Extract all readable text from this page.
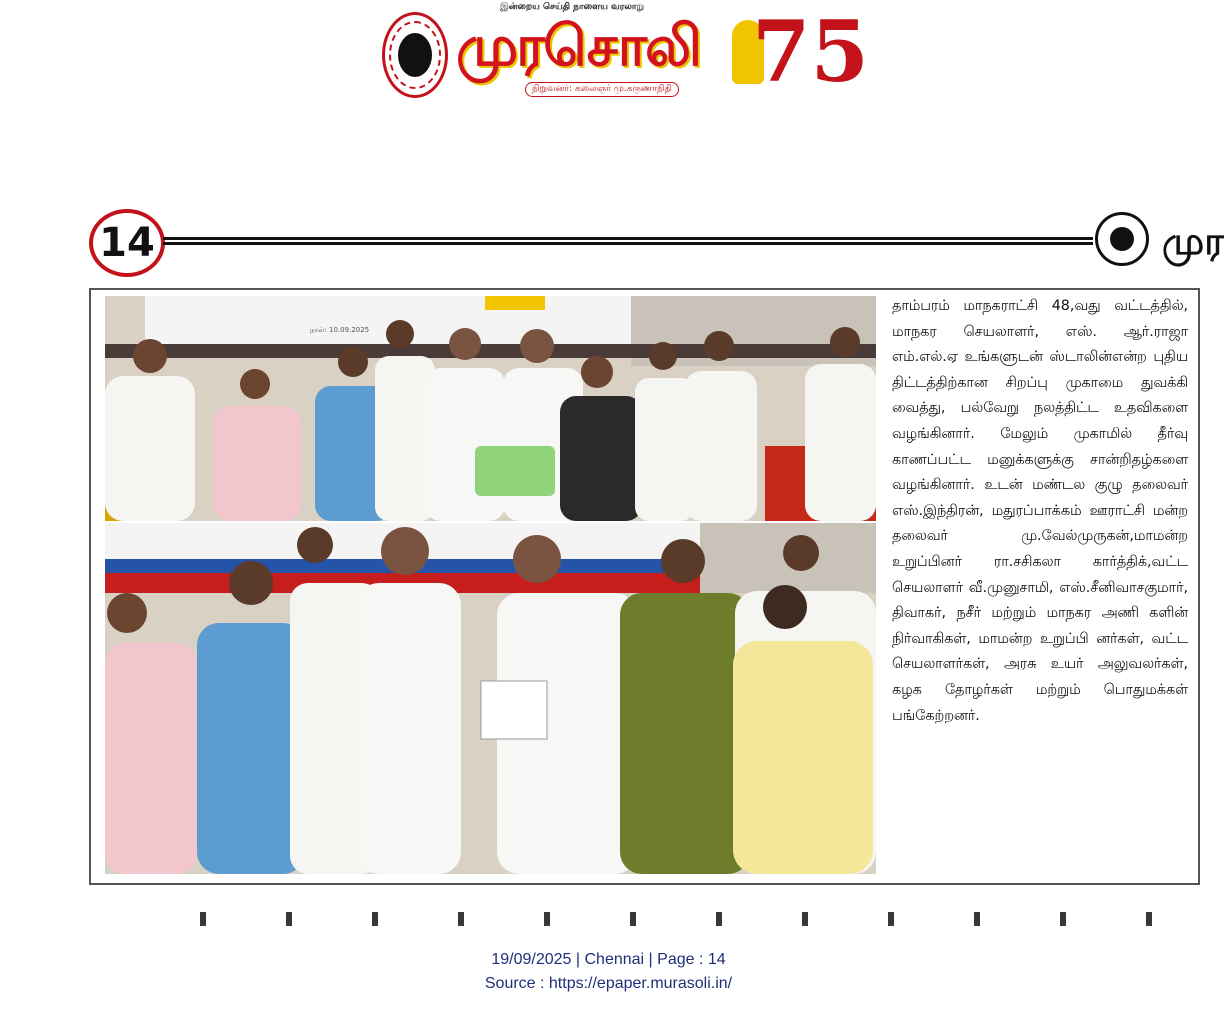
இன்றைய செய்தி நாளைய வரலாறு
முரசொலி
நிறுவனர்: கலைஞர் மு.கருணாநிதி 75
14	முர
நாள்: 10.09.2025

தாம்பரம் மாநகராட்சி 48,வது வட்டத்தில், மாநகர செயலாளர், எஸ். ஆர்.ராஜா எம்.எல்.ஏ உங்களுடன் ஸ்டாலின்என்ற புதிய திட்டத்திற்கான சிறப்பு முகாமை துவக்கி வைத்து, பல்வேறு நலத்திட்ட உதவிகளை வழங்கினார். மேலும் முகாமில் தீர்வு காணப்பட்ட மனுக்களுக்கு சான்றிதழ்களை வழங்கினார். உடன் மண்டல குழு தலைவர் எஸ்.இந்திரன், மதுரப்பாக்கம் ஊராட்சி மன்ற தலைவர் மு.வேல்முருகன்,மாமன்ற உறுப்பினர் ரா.சசிகலா கார்த்திக்,வட்ட செயலாளர் வீ.முனுசாமி, எஸ்.சீனிவாசகுமார், திவாகர், நசீர் மற்றும் மாநகர அணி களின் நிர்வாகிகள், மாமன்ற உறுப்பி னர்கள், வட்ட செயலாளர்கள், அரசு உயர் அலுவலர்கள், கழக தோழர்கள் மற்றும் பொதுமக்கள் பங்கேற்றனர்.

19/09/2025 | Chennai | Page : 14
Source : https://epaper.murasoli.in/
